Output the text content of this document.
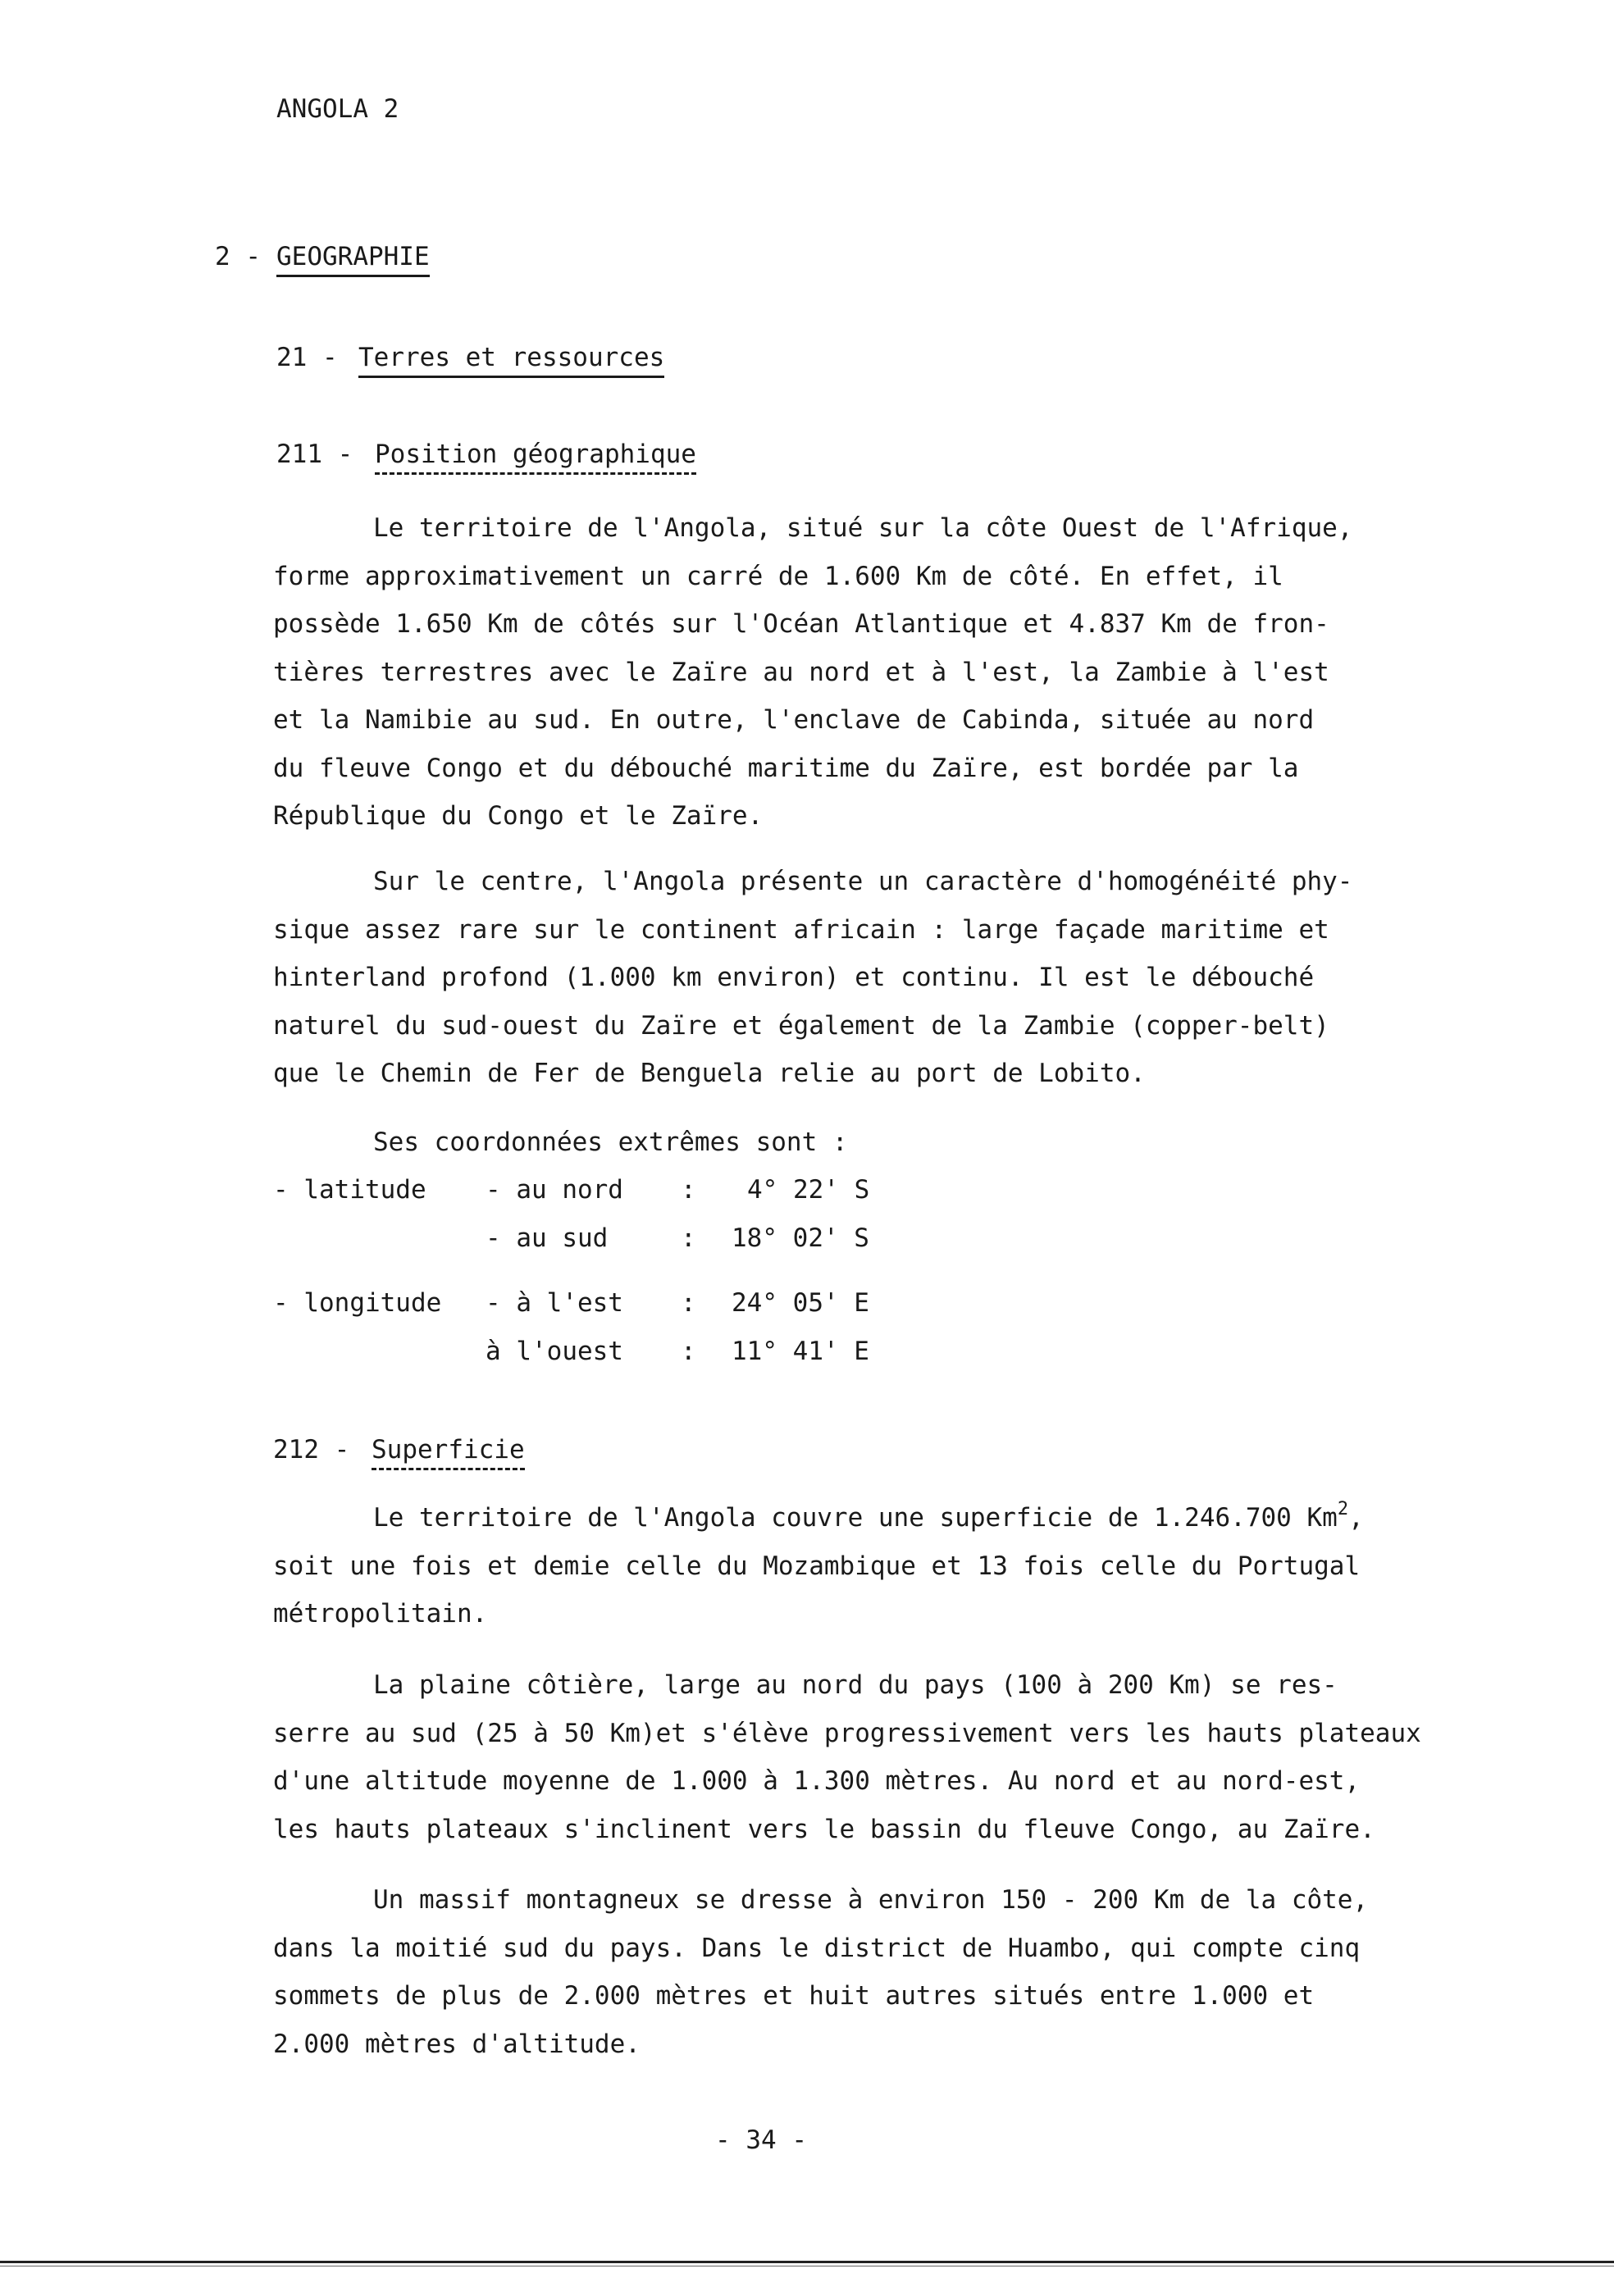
ANGOLA 2
2 - GEOGRAPHIE
21 - Terres et ressources
211 - Position géographique
Le territoire de l'Angola, situé sur la côte Ouest de l'Afrique,
forme approximativement un carré de 1.600 Km de côté. En effet, il
possède 1.650 Km de côtés sur l'Océan Atlantique et 4.837 Km de fron-
tières terrestres avec le Zaïre au nord et à l'est, la Zambie à l'est
et la Namibie au sud. En outre, l'enclave de Cabinda, située au nord
du fleuve Congo et du débouché maritime du Zaïre, est bordée par la
République du Congo et le Zaïre.
Sur le centre, l'Angola présente un caractère d'homogénéité phy-
sique assez rare sur le continent africain : large façade maritime et
hinterland profond (1.000 km environ) et continu. Il est le débouché
naturel du sud-ouest du Zaïre et également de la Zambie (copper-belt)
que le Chemin de Fer de Benguela relie au port de Lobito.
Ses coordonnées extrêmes sont :
- latitude - au nord : 4° 22' S
- au sud	: 18° 02' S
- longitude - à l'est : 24° 05' E
à l'ouest : 11° 41' E
212 - Superficie
Le territoire de l'Angola couvre une superficie de 1.246.700 Km$^2$,
soit une fois et demie celle du Mozambique et 13 fois celle du Portugal
métropolitain.
La plaine côtière, large au nord du pays (100 à 200 Km) se res-
serre au sud (25 à 50 Km)et s'élève progressivement vers les hauts plateaux
d'une altitude moyenne de 1.000 à 1.300 mètres. Au nord et au nord-est,
les hauts plateaux s'inclinent vers le bassin du fleuve Congo, au Zaïre.
Un massif montagneux se dresse à environ 150 - 200 Km de la côte,
dans la moitié sud du pays. Dans le district de Huambo, qui compte cinq
sommets de plus de 2.000 mètres et huit autres situés entre 1.000 et
2.000 mètres d'altitude.
- 34 -
